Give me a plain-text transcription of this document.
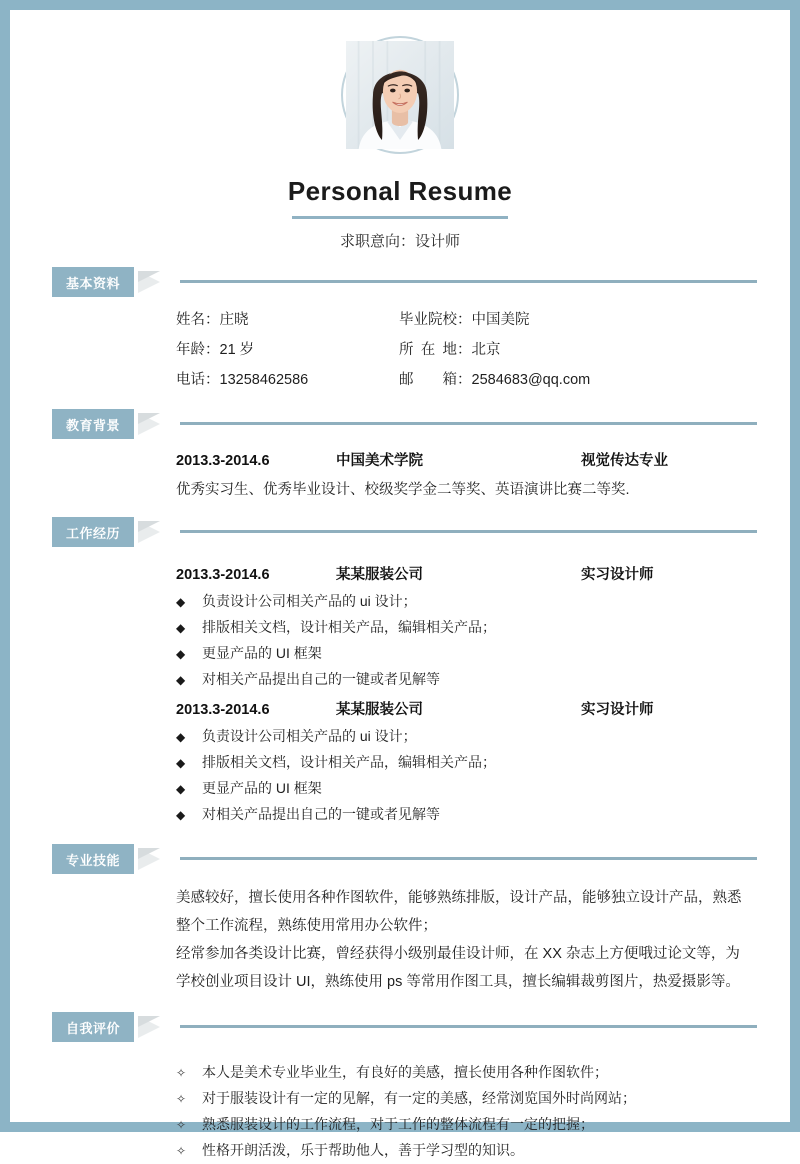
Personal Resume
求职意向：设计师
基本资料
姓名：庄晓	毕业院校：中国美院
年龄：21 岁	所 在 地：北京
电话：13258462586	邮　箱：2584683@qq.com
教育背景
2013.3-2014.6	中国美术学院	视觉传达专业
优秀实习生、优秀毕业设计、校级奖学金二等奖、英语演讲比赛二等奖.
工作经历
2013.3-2014.6	某某服装公司	实习设计师
◆	负责设计公司相关产品的 ui 设计；
◆	排版相关文档，设计相关产品，编辑相关产品；
◆	更显产品的 UI 框架
◆	对相关产品提出自己的一键或者见解等
2013.3-2014.6	某某服装公司	实习设计师
◆	负责设计公司相关产品的 ui 设计；
◆	排版相关文档，设计相关产品，编辑相关产品；
◆	更显产品的 UI 框架
◆	对相关产品提出自己的一键或者见解等
专业技能
美感较好，擅长使用各种作图软件，能够熟练排版，设计产品，能够独立设计产品，熟悉整个工作流程，熟练使用常用办公软件；
经常参加各类设计比赛，曾经获得小级别最佳设计师，在 XX 杂志上方便哦过论文等，为学校创业项目设计 UI，熟练使用 ps 等常用作图工具，擅长编辑裁剪图片，热爱摄影等。
自我评价
✧	本人是美术专业毕业生，有良好的美感，擅长使用各种作图软件；
✧	对于服装设计有一定的见解，有一定的美感，经常浏览国外时尚网站；
✧	熟悉服装设计的工作流程，对于工作的整体流程有一定的把握；
✧	性格开朗活泼，乐于帮助他人，善于学习型的知识。
